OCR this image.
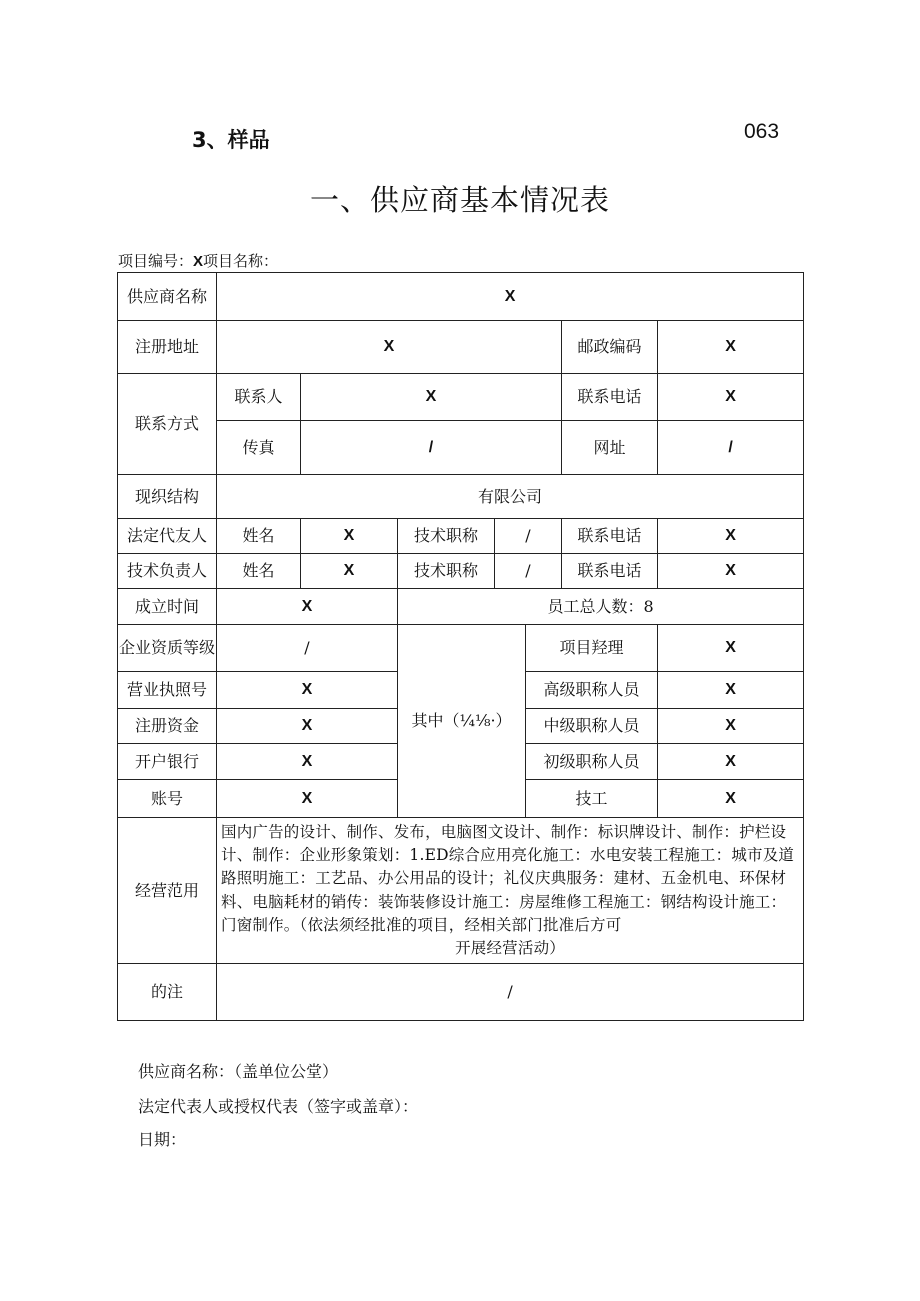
3、样品	063
一、供应商基本情况表
项目编号：X项目名称：
供应商名称	X						
注册地址	X					邮政编码	X
联系方式	联系人	X				联系电话	X
	传真	/				网址	/
现织结构	有限公司						
法定代友人	姓名	X	技术职称	/		联系电话	X
技术负责人	姓名	X	技术职称	/		联系电话	X
成立时间	X		员工总人数：8				
企业资质等级	/		其中（¼⅛·）		项目羟理		X
营业执照号	X				高级职称人员		X
注册资金	X				中级职称人员		X
开户银行	X				初级职称人员		X
账号	X				技工		X
经营范用	国内广告的设计、制作、发布，电脑图文设计、制作：标识牌设计、制作：护栏设计、制作：企业形象策划：1.ED综合应用亮化施工：水电安装工程施工：城市及道路照明施工：工艺品、办公用品的设计；礼仪庆典服务：建材、五金机电、环保材料、电脑耗材的销传：装饰装修设计施工：房屋维修工程施工：钢结构设计施工：门窗制作。（依法须经批准的项目，经相关部门批准后方可
开展经营活动）						

的注	/						
供应商名称：（盖单位公堂）
法定代表人或授权代表（签字或盖章）：
日期：
